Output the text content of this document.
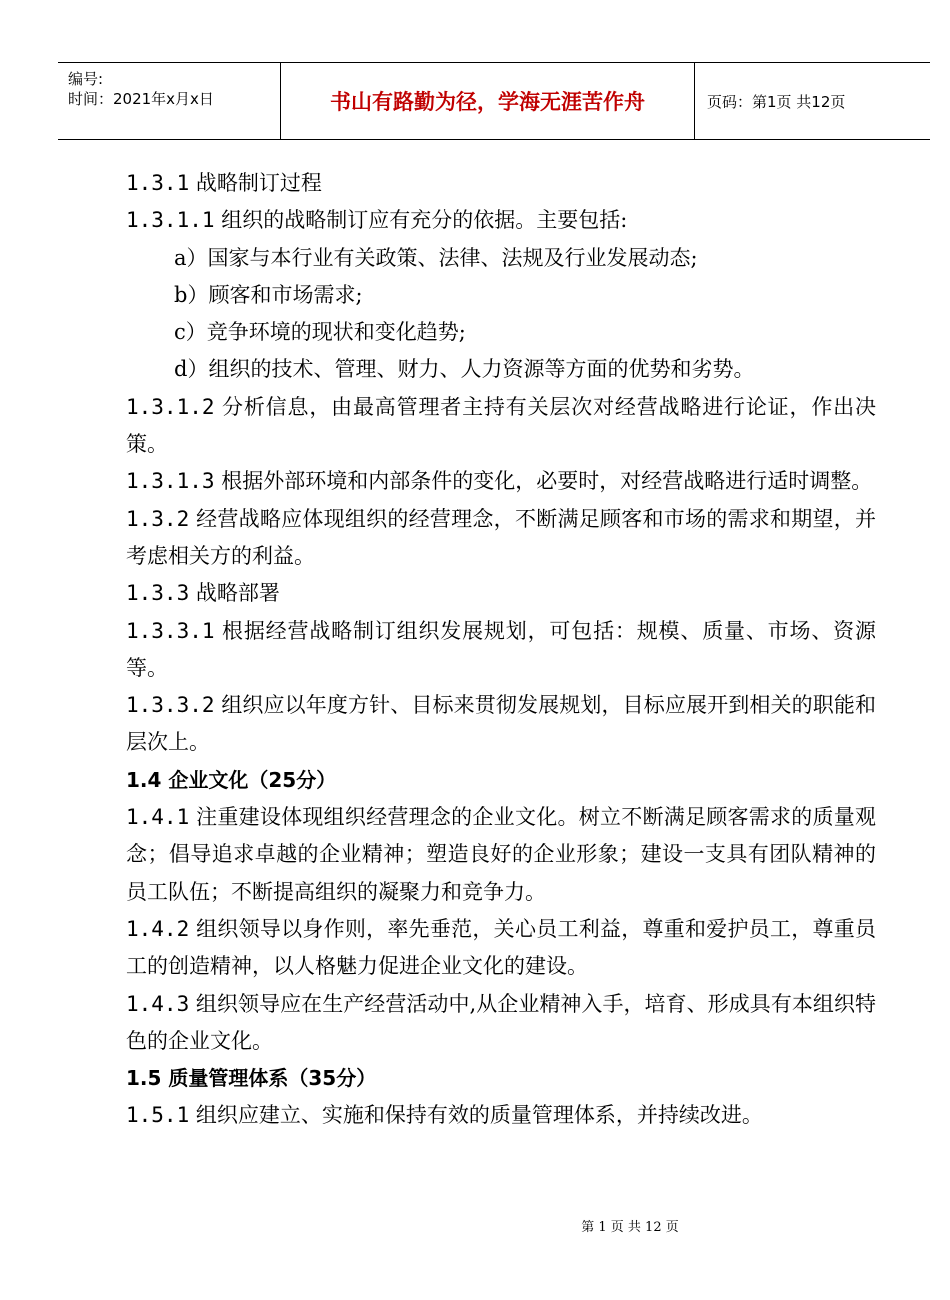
编号:
时间：2021年x月x日	书山有路勤为径，学海无涯苦作舟	页码：第1页 共12页
1.3.1 战略制订过程
1.3.1.1 组织的战略制订应有充分的依据。主要包括:
a）国家与本行业有关政策、法律、法规及行业发展动态;
b）顾客和市场需求;
c）竞争环境的现状和变化趋势;
d）组织的技术、管理、财力、人力资源等方面的优势和劣势。
1.3.1.2 分析信息，由最高管理者主持有关层次对经营战略进行论证，作出决策。
1.3.1.3 根据外部环境和内部条件的变化，必要时，对经营战略进行适时调整。
1.3.2 经营战略应体现组织的经营理念，不断满足顾客和市场的需求和期望，并考虑相关方的利益。
1.3.3 战略部署
1.3.3.1 根据经营战略制订组织发展规划，可包括：规模、质量、市场、资源等。
1.3.3.2 组织应以年度方针、目标来贯彻发展规划，目标应展开到相关的职能和层次上。
1.4 企业文化（25分）
1.4.1 注重建设体现组织经营理念的企业文化。树立不断满足顾客需求的质量观念；倡导追求卓越的企业精神；塑造良好的企业形象；建设一支具有团队精神的员工队伍；不断提高组织的凝聚力和竞争力。
1.4.2 组织领导以身作则，率先垂范，关心员工利益，尊重和爱护员工，尊重员工的创造精神，以人格魅力促进企业文化的建设。
1.4.3 组织领导应在生产经营活动中,从企业精神入手，培育、形成具有本组织特色的企业文化。
1.5 质量管理体系（35分）
1.5.1 组织应建立、实施和保持有效的质量管理体系，并持续改进。
第 1 页 共 12 页
